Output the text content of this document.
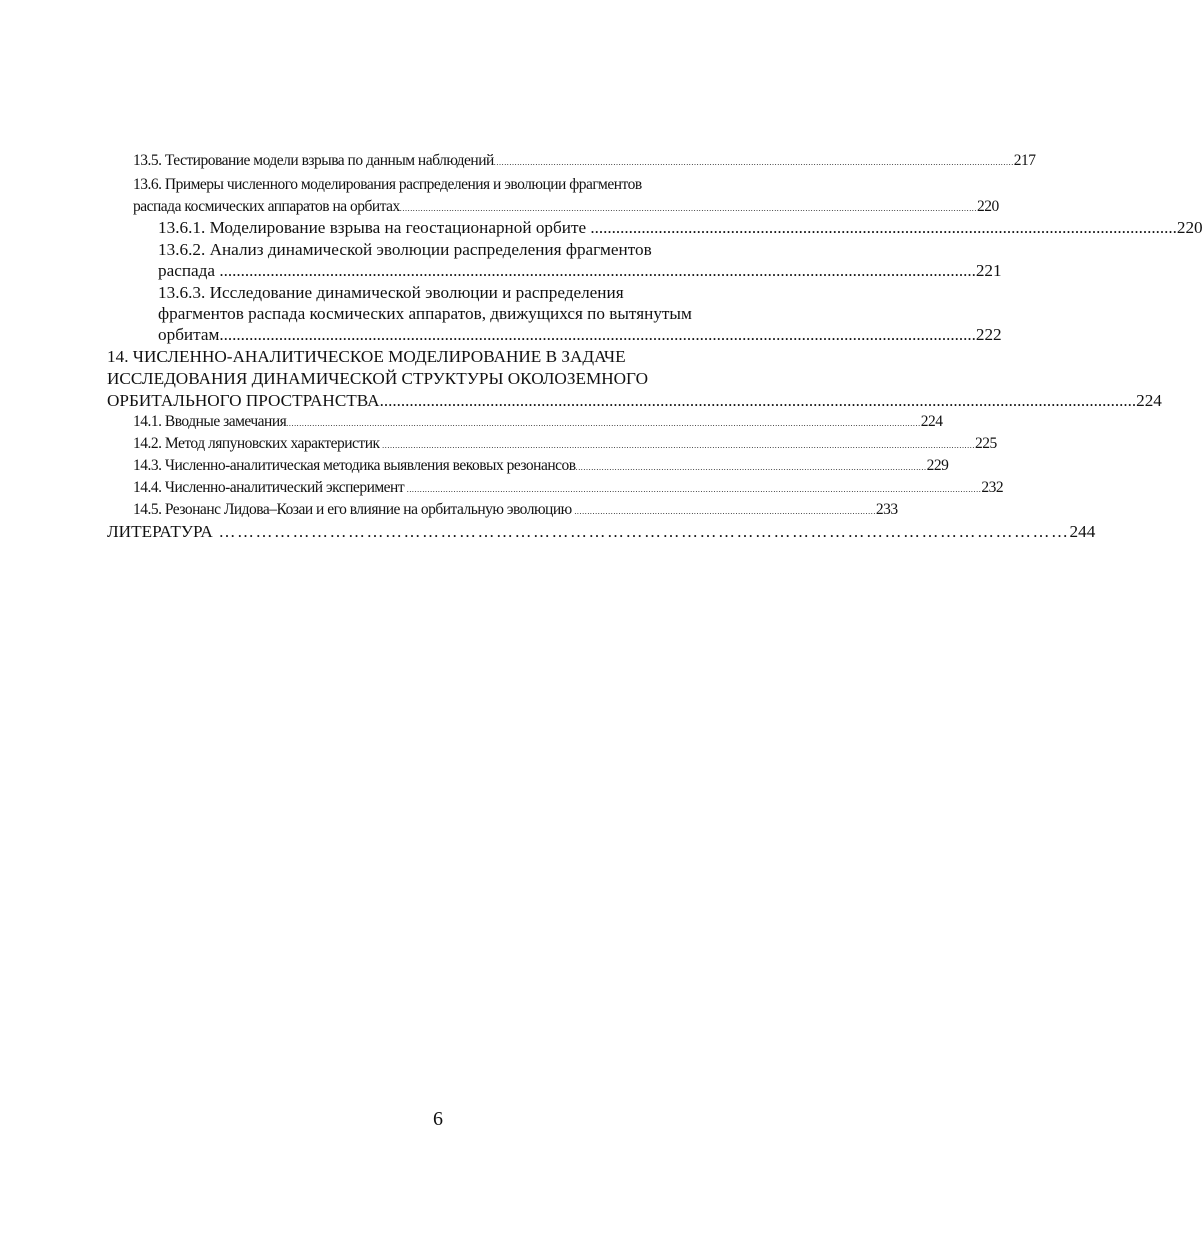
13.5. Тестирование модели взрыва по данным наблюдений ........................................................................................................................................................................................................ 217
13.6. Примеры численного моделирования распределения и эволюции фрагментов
распада космических аппаратов на орбитах .............................................................................................................................................................................................................................. 220
13.6.1. Моделирование взрыва на геостационарной орбите .......................................................................................................................................... 220
13.6.2. Анализ динамической эволюции распределения фрагментов
распада .................................................................................................................................................................................. 221
13.6.3. Исследование динамической эволюции и распределения
фрагментов распада космических аппаратов, движущихся по вытянутым
орбитам .................................................................................................................................................................................. 222
14. ЧИСЛЕННО-АНАЛИТИЧЕСКОЕ МОДЕЛИРОВАНИЕ В ЗАДАЧЕ
ИССЛЕДОВАНИЯ ДИНАМИЧЕСКОЙ СТРУКТУРЫ ОКОЛОЗЕМНОГО
ОРБИТАЛЬНОГО ПРОСТРАНСТВА .................................................................................................................................................................................. 224
14.1. Вводные замечания .................................................................................................................................................................................................................................................... 224
14.2. Метод ляпуновских характеристик .................................................................................................................................................................................................................................... 225
14.3. Численно-аналитическая методика выявления вековых резонансов ....................................................................................................................................... 229
14.4. Численно-аналитический эксперимент ............................................................................................................................................................................................................................. 232
14.5. Резонанс Лидова–Козаи и его влияние на орбитальную эволюцию .................................................................................................................... 233
ЛИТЕРАТУРА ………………………………………………………………………………………………………………………… 244
6
